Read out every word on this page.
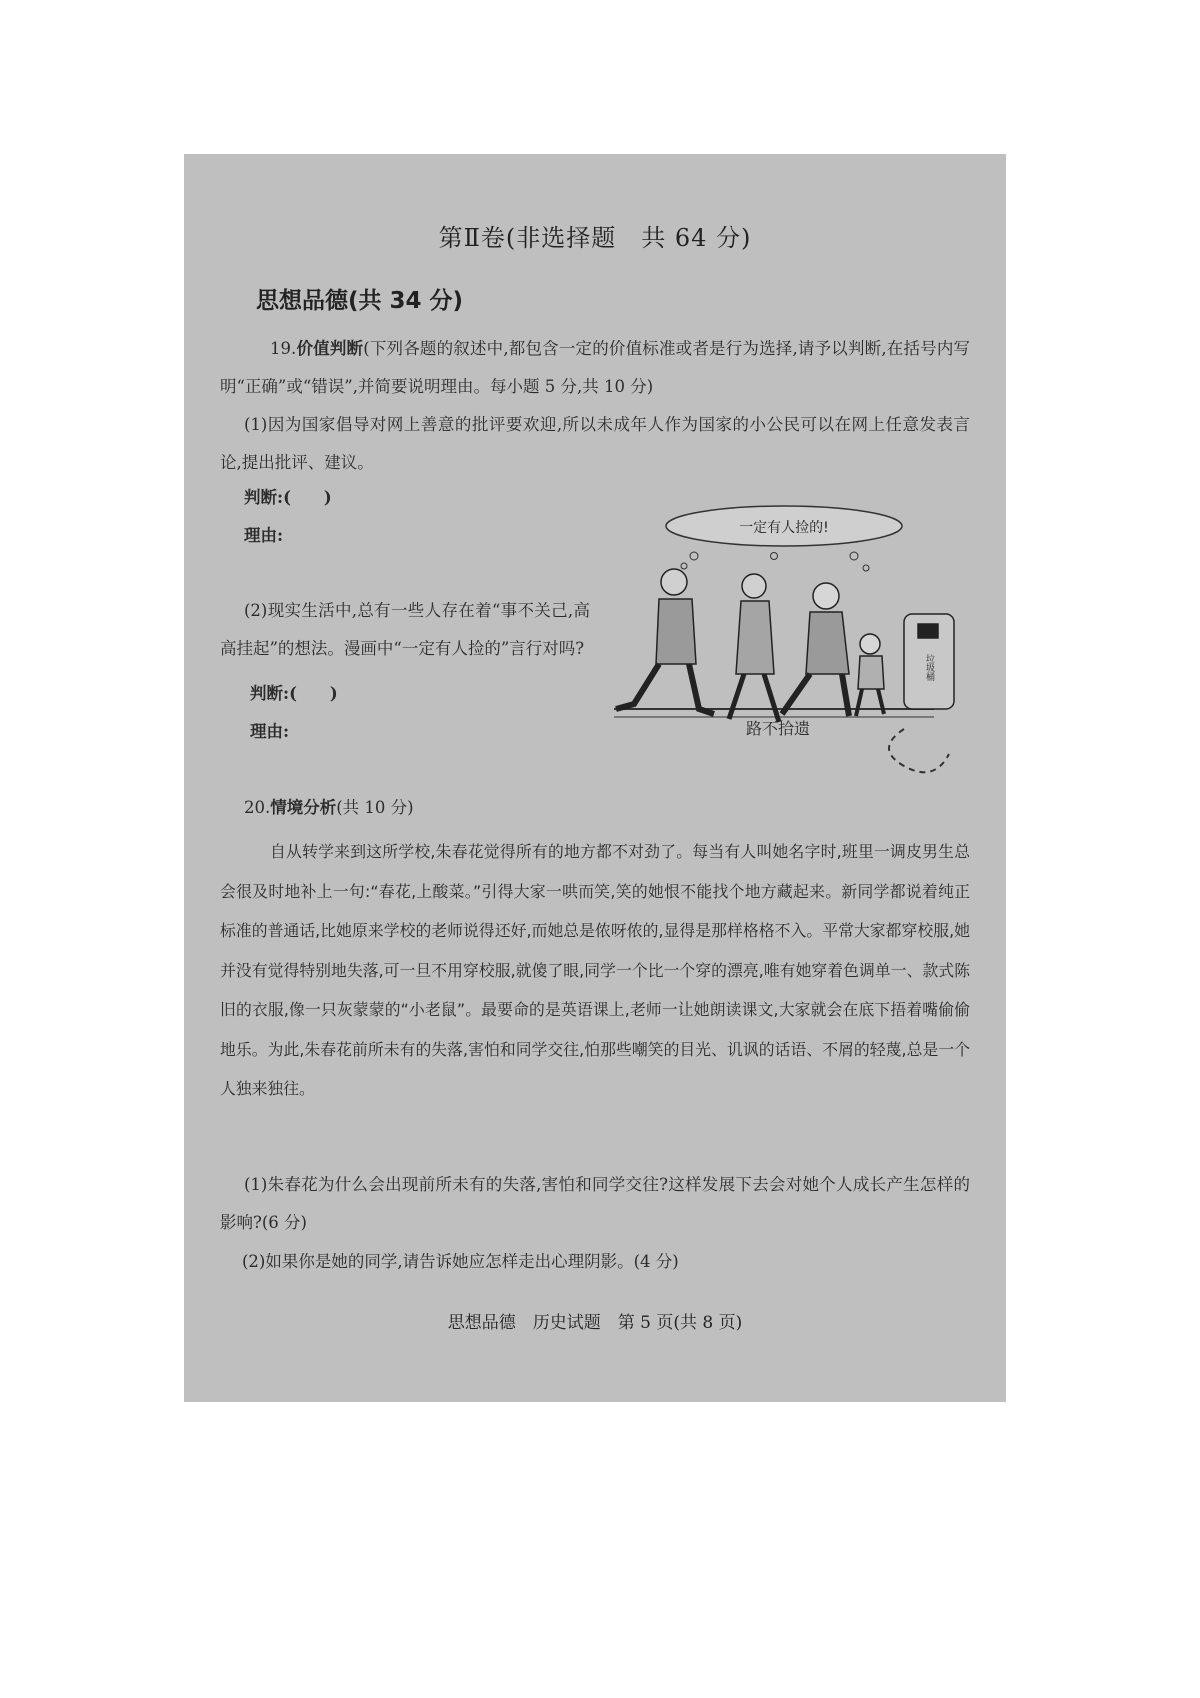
第Ⅱ卷(非选择题　共 64 分)
思想品德(共 34 分)
19.价值判断(下列各题的叙述中,都包含一定的价值标准或者是行为选择,请予以判断,在括号内写明“正确”或“错误”,并简要说明理由。每小题 5 分,共 10 分)
(1)因为国家倡导对网上善意的批评要欢迎,所以未成年人作为国家的小公民可以在网上任意发表言论,提出批评、建议。
判断:(　　)
理由:
(2)现实生活中,总有一些人存在着“事不关己,高高挂起”的想法。漫画中“一定有人捡的”言行对吗?
判断:(　　)
理由:
一定有人捡的!
垃圾桶
路不拾遗
20.情境分析(共 10 分)
自从转学来到这所学校,朱春花觉得所有的地方都不对劲了。每当有人叫她名字时,班里一调皮男生总会很及时地补上一句:“春花,上酸菜。”引得大家一哄而笑,笑的她恨不能找个地方藏起来。新同学都说着纯正标准的普通话,比她原来学校的老师说得还好,而她总是侬呀侬的,显得是那样格格不入。平常大家都穿校服,她并没有觉得特别地失落,可一旦不用穿校服,就傻了眼,同学一个比一个穿的漂亮,唯有她穿着色调单一、款式陈旧的衣服,像一只灰蒙蒙的“小老鼠”。最要命的是英语课上,老师一让她朗读课文,大家就会在底下捂着嘴偷偷地乐。为此,朱春花前所未有的失落,害怕和同学交往,怕那些嘲笑的目光、讥讽的话语、不屑的轻蔑,总是一个人独来独往。
(1)朱春花为什么会出现前所未有的失落,害怕和同学交往?这样发展下去会对她个人成长产生怎样的影响?(6 分)
(2)如果你是她的同学,请告诉她应怎样走出心理阴影。(4 分)
思想品德　历史试题　第 5 页(共 8 页)
